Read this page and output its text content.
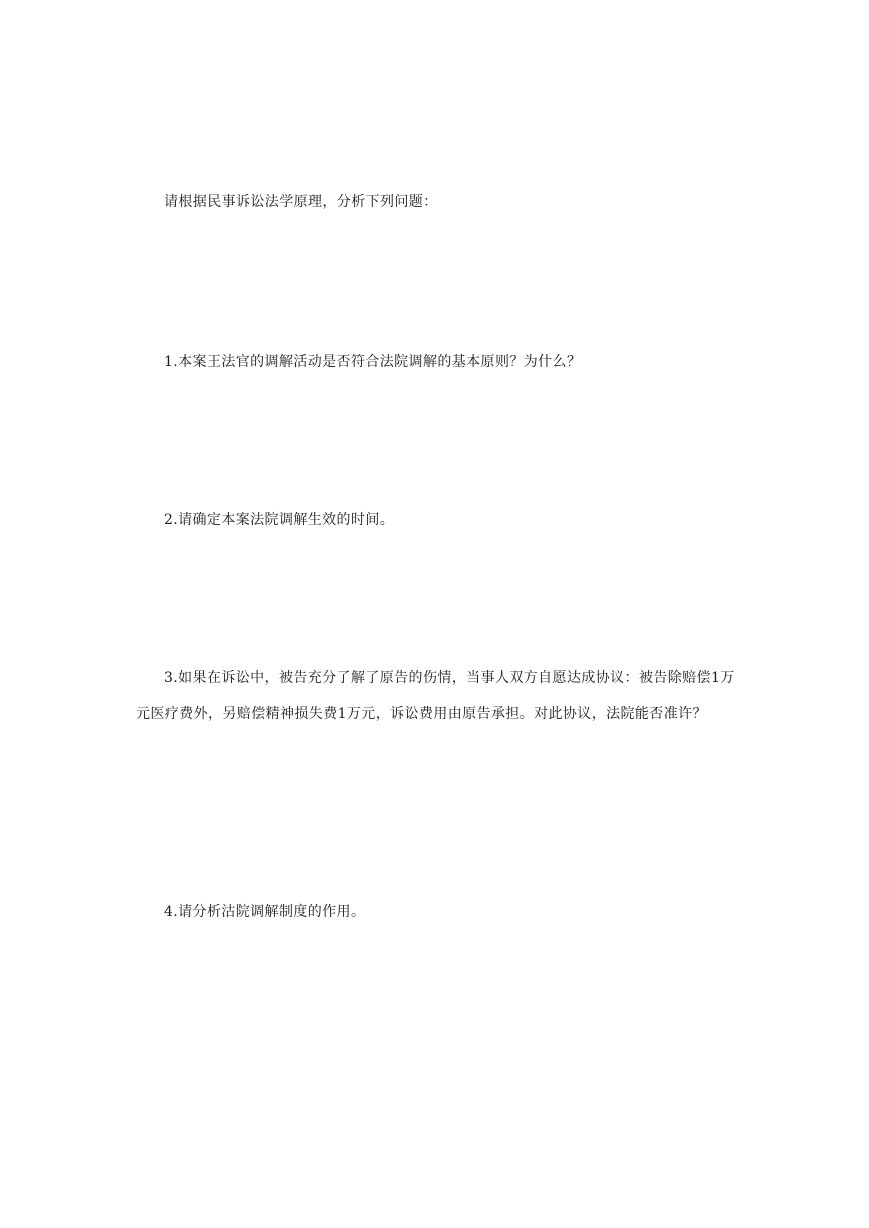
请根据民事诉讼法学原理，分析下列问题：

1.本案王法官的调解活动是否符合法院调解的基本原则？为什么？

2.请确定本案法院调解生效的时间。

3.如果在诉讼中，被告充分了解了原告的伤情，当事人双方自愿达成协议：被告除赔偿1万元医疗费外，另赔偿精神损失费1万元，诉讼费用由原告承担。对此协议，法院能否准许？

4.请分析沽院调解制度的作用。
